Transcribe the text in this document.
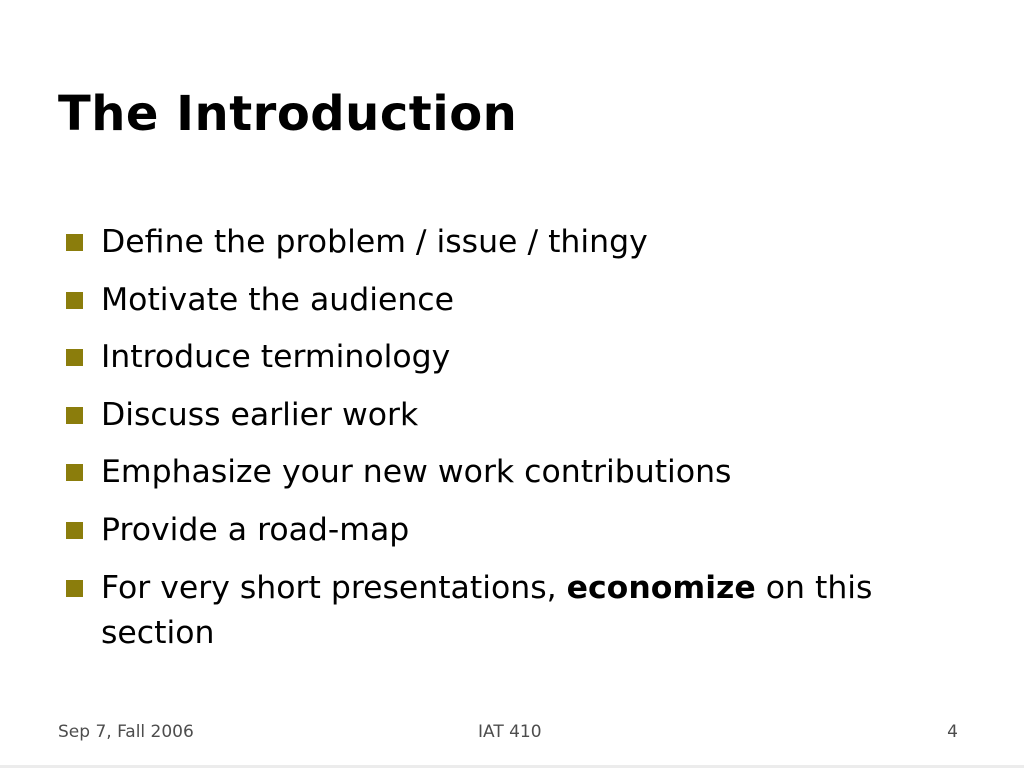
The Introduction
Define the problem / issue / thingy
Motivate the audience
Introduce terminology
Discuss earlier work
Emphasize your new work contributions
Provide a road-map
For very short presentations, economize on this section
Sep 7, Fall 2006	IAT 410	4
